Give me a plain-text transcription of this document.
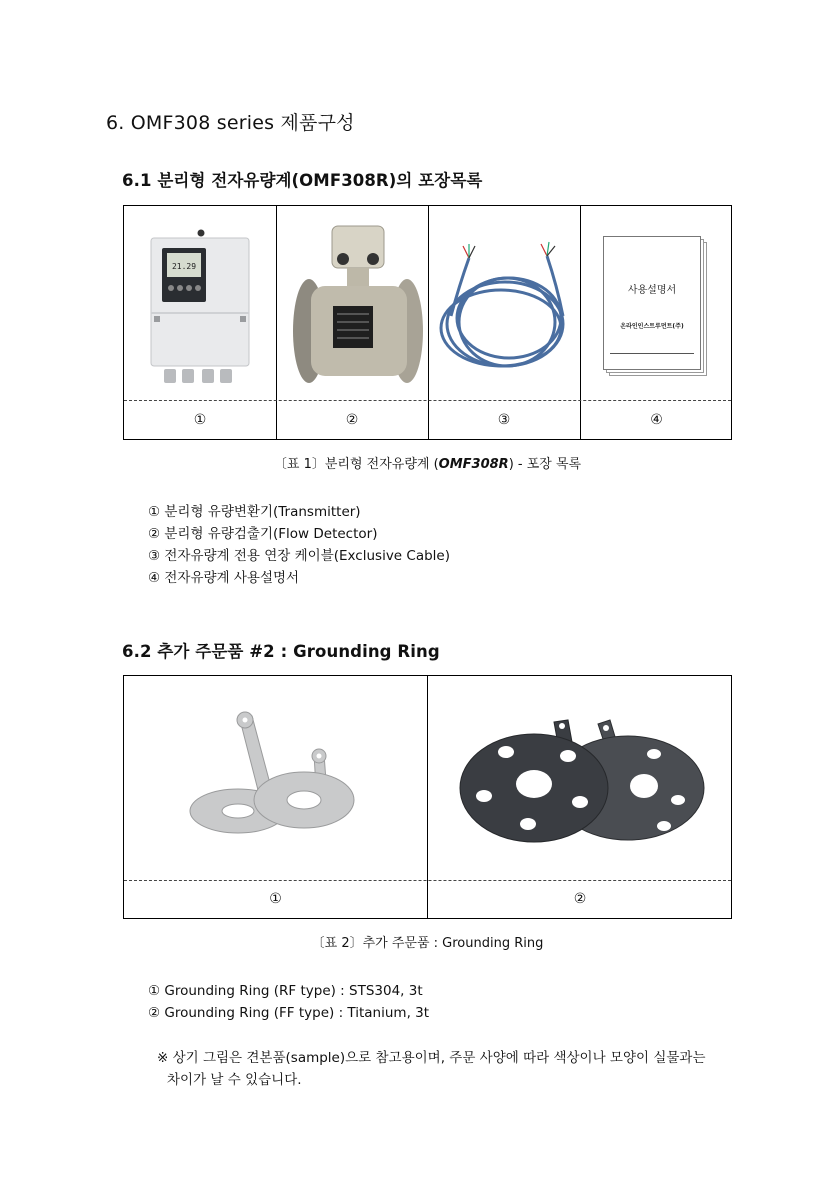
6. OMF308 series 제품구성
6.1 분리형 전자유량계(OMF308R)의 포장목록
21.29
사용설명서
온라인인스트루먼트(주)
①	②	③	④
〔표 1〕분리형 전자유량계 (OMF308R) - 포장 목록
① 분리형 유량변환기(Transmitter)
② 분리형 유량검출기(Flow Detector)
③ 전자유량계 전용 연장 케이블(Exclusive Cable)
④ 전자유량계 사용설명서
6.2 추가 주문품 #2 : Grounding Ring
①	②
〔표 2〕추가 주문품 : Grounding Ring
① Grounding Ring (RF type) : STS304, 3t
② Grounding Ring (FF type) : Titanium, 3t
※ 상기 그림은 견본품(sample)으로 참고용이며, 주문 사양에 따라 색상이나 모양이 실물과는
차이가 날 수 있습니다.
